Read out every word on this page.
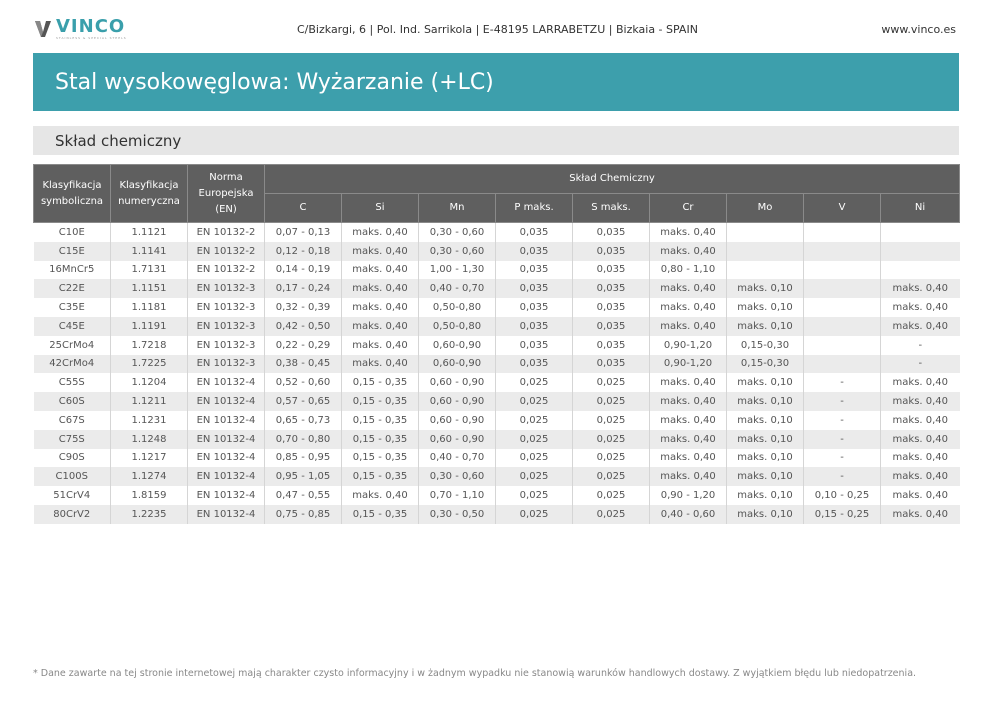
VINCO
STAINLESS & SPECIAL STEELS
C/Bizkargi, 6 | Pol. Ind. Sarrikola | E-48195 LARRABETZU | Bizkaia - SPAIN	www.vinco.es
Stal wysokowęglowa: Wyżarzanie (+LC)
Skład chemiczny
Klasyfikacja symboliczna	Klasyfikacja numeryczna	Norma Europejska (EN)	Skład Chemiczny								
			C	Si	Mn	P maks.	S maks.	Cr	Mo	V	Ni
C10E	1.1121	EN 10132-2	0,07 - 0,13	maks. 0,40	0,30 - 0,60	0,035	0,035	maks. 0,40			
C15E	1.1141	EN 10132-2	0,12 - 0,18	maks. 0,40	0,30 - 0,60	0,035	0,035	maks. 0,40			
16MnCr5	1.7131	EN 10132-2	0,14 - 0,19	maks. 0,40	1,00 - 1,30	0,035	0,035	0,80 - 1,10			
C22E	1.1151	EN 10132-3	0,17 - 0,24	maks. 0,40	0,40 - 0,70	0,035	0,035	maks. 0,40	maks. 0,10		maks. 0,40
C35E	1.1181	EN 10132-3	0,32 - 0,39	maks. 0,40	0,50-0,80	0,035	0,035	maks. 0,40	maks. 0,10		maks. 0,40
C45E	1.1191	EN 10132-3	0,42 - 0,50	maks. 0,40	0,50-0,80	0,035	0,035	maks. 0,40	maks. 0,10		maks. 0,40
25CrMo4	1.7218	EN 10132-3	0,22 - 0,29	maks. 0,40	0,60-0,90	0,035	0,035	0,90-1,20	0,15-0,30		-
42CrMo4	1.7225	EN 10132-3	0,38 - 0,45	maks. 0,40	0,60-0,90	0,035	0,035	0,90-1,20	0,15-0,30		-
C55S	1.1204	EN 10132-4	0,52 - 0,60	0,15 - 0,35	0,60 - 0,90	0,025	0,025	maks. 0,40	maks. 0,10	-	maks. 0,40
C60S	1.1211	EN 10132-4	0,57 - 0,65	0,15 - 0,35	0,60 - 0,90	0,025	0,025	maks. 0,40	maks. 0,10	-	maks. 0,40
C67S	1.1231	EN 10132-4	0,65 - 0,73	0,15 - 0,35	0,60 - 0,90	0,025	0,025	maks. 0,40	maks. 0,10	-	maks. 0,40
C75S	1.1248	EN 10132-4	0,70 - 0,80	0,15 - 0,35	0,60 - 0,90	0,025	0,025	maks. 0,40	maks. 0,10	-	maks. 0,40
C90S	1.1217	EN 10132-4	0,85 - 0,95	0,15 - 0,35	0,40 - 0,70	0,025	0,025	maks. 0,40	maks. 0,10	-	maks. 0,40
C100S	1.1274	EN 10132-4	0,95 - 1,05	0,15 - 0,35	0,30 - 0,60	0,025	0,025	maks. 0,40	maks. 0,10	-	maks. 0,40
51CrV4	1.8159	EN 10132-4	0,47 - 0,55	maks. 0,40	0,70 - 1,10	0,025	0,025	0,90 - 1,20	maks. 0,10	0,10 - 0,25	maks. 0,40
80CrV2	1.2235	EN 10132-4	0,75 - 0,85	0,15 - 0,35	0,30 - 0,50	0,025	0,025	0,40 - 0,60	maks. 0,10	0,15 - 0,25	maks. 0,40
* Dane zawarte na tej stronie internetowej mają charakter czysto informacyjny i w żadnym wypadku nie stanowią warunków handlowych dostawy. Z wyjątkiem błędu lub niedopatrzenia.
